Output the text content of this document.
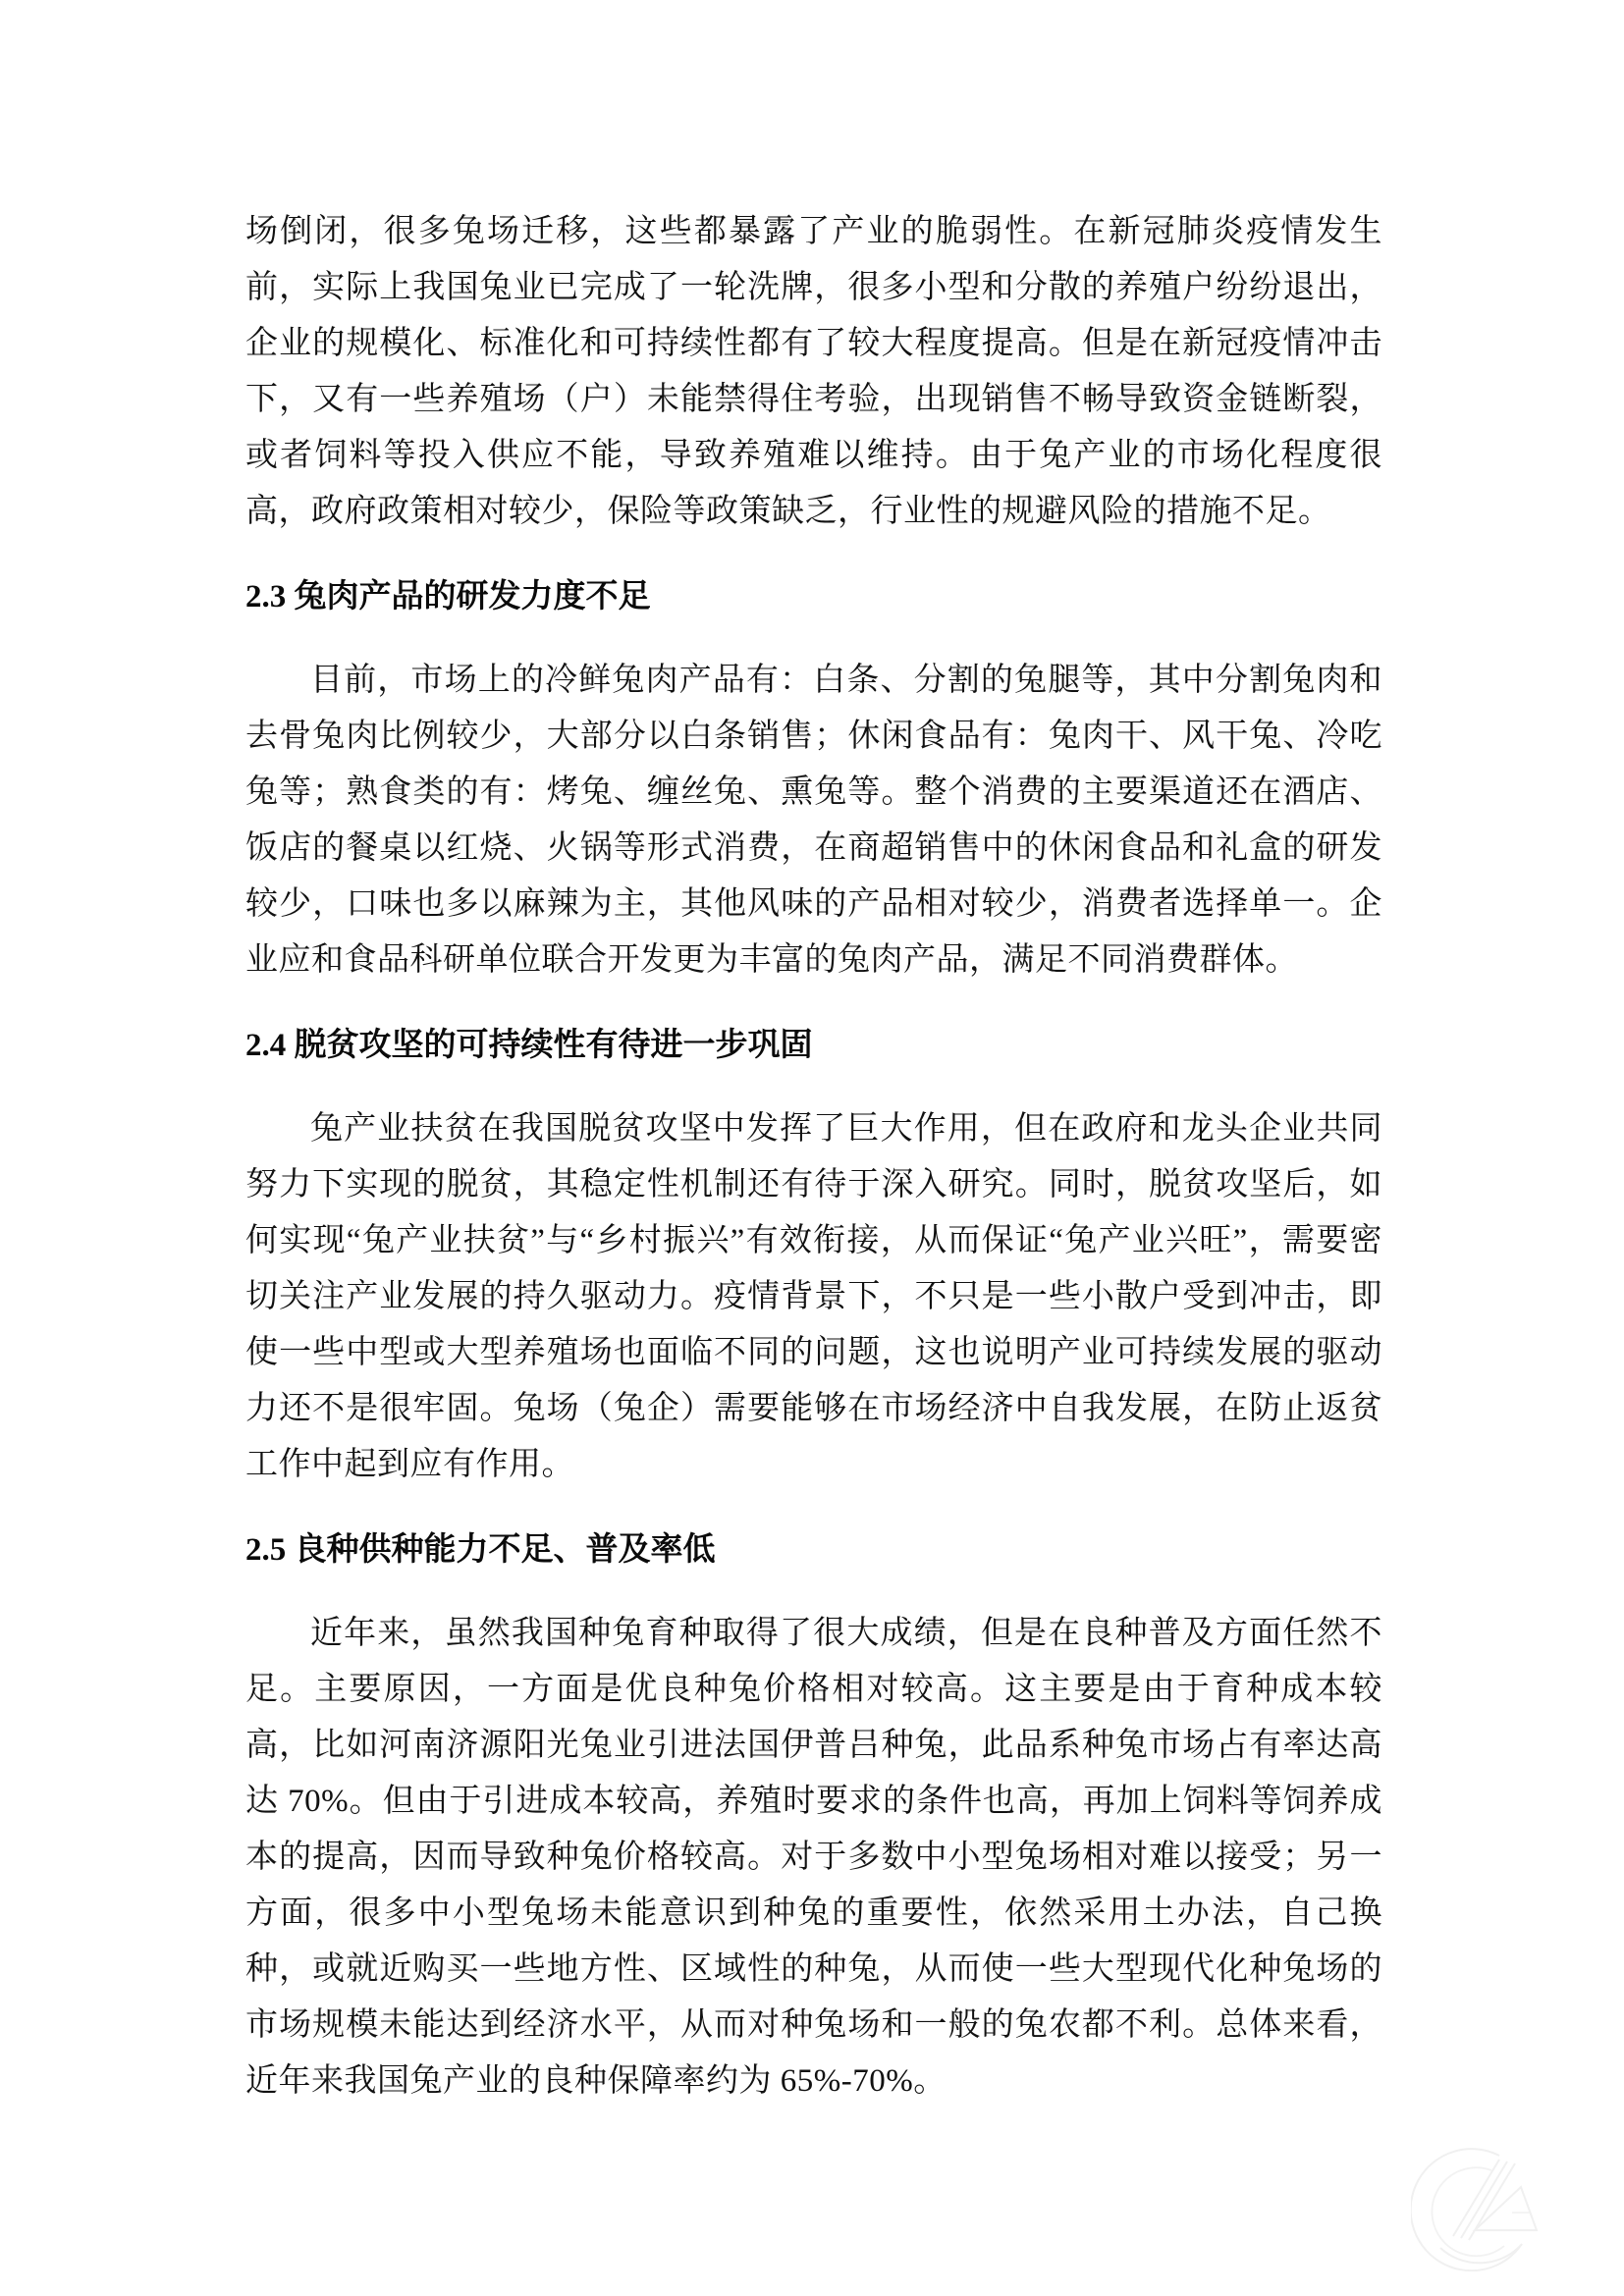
场倒闭，很多兔场迁移，这些都暴露了产业的脆弱性。在新冠肺炎疫情发生前，实际上我国兔业已完成了一轮洗牌，很多小型和分散的养殖户纷纷退出，企业的规模化、标准化和可持续性都有了较大程度提高。但是在新冠疫情冲击下，又有一些养殖场（户）未能禁得住考验，出现销售不畅导致资金链断裂，或者饲料等投入供应不能，导致养殖难以维持。由于兔产业的市场化程度很高，政府政策相对较少，保险等政策缺乏，行业性的规避风险的措施不足。

2.3 兔肉产品的研发力度不足

目前，市场上的冷鲜兔肉产品有：白条、分割的兔腿等，其中分割兔肉和去骨兔肉比例较少，大部分以白条销售；休闲食品有：兔肉干、风干兔、冷吃兔等；熟食类的有：烤兔、缠丝兔、熏兔等。整个消费的主要渠道还在酒店、饭店的餐桌以红烧、火锅等形式消费，在商超销售中的休闲食品和礼盒的研发较少，口味也多以麻辣为主，其他风味的产品相对较少，消费者选择单一。企业应和食品科研单位联合开发更为丰富的兔肉产品，满足不同消费群体。

2.4 脱贫攻坚的可持续性有待进一步巩固

兔产业扶贫在我国脱贫攻坚中发挥了巨大作用，但在政府和龙头企业共同努力下实现的脱贫，其稳定性机制还有待于深入研究。同时，脱贫攻坚后，如何实现“兔产业扶贫”与“乡村振兴”有效衔接，从而保证“兔产业兴旺”，需要密切关注产业发展的持久驱动力。疫情背景下，不只是一些小散户受到冲击，即使一些中型或大型养殖场也面临不同的问题，这也说明产业可持续发展的驱动力还不是很牢固。兔场（兔企）需要能够在市场经济中自我发展，在防止返贫工作中起到应有作用。

2.5 良种供种能力不足、普及率低

近年来，虽然我国种兔育种取得了很大成绩，但是在良种普及方面任然不足。主要原因，一方面是优良种兔价格相对较高。这主要是由于育种成本较高，比如河南济源阳光兔业引进法国伊普吕种兔，此品系种兔市场占有率达高达 70%。但由于引进成本较高，养殖时要求的条件也高，再加上饲料等饲养成本的提高，因而导致种兔价格较高。对于多数中小型兔场相对难以接受；另一方面，很多中小型兔场未能意识到种兔的重要性，依然采用土办法，自己换种，或就近购买一些地方性、区域性的种兔，从而使一些大型现代化种兔场的市场规模未能达到经济水平，从而对种兔场和一般的兔农都不利。总体来看，近年来我国兔产业的良种保障率约为 65%-70%。
